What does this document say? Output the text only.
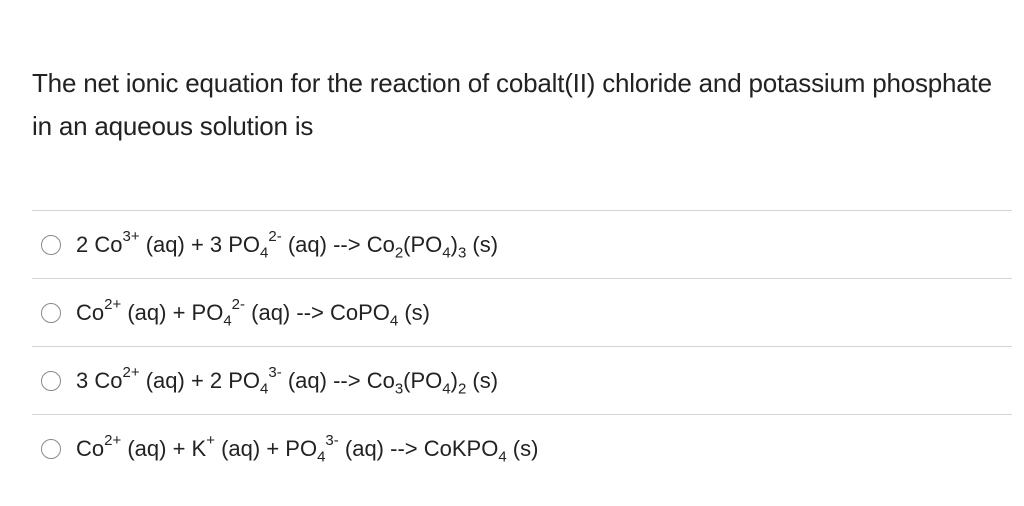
The net ionic equation for the reaction of cobalt(II) chloride and potassium phosphate in an aqueous solution is
2 $Co^{3+}$ (aq) + 3 $PO_4^{2-}$ (aq) --> $Co_2(PO_4)_3$ (s)
$Co^{2+}$ $(aq) + PO_4^{2-}$ (aq) --> CoPO$_4$ (s)
3 $Co^{2+}$ (aq) + 2 $PO_4^{3-}$ (aq) --> $Co_3(PO_4)_2$ (s)
$Co^{2+}$ (aq) + K+ $(aq) + PO_4^{3-}$ (aq) --> CoKPO$_4$ (s)
